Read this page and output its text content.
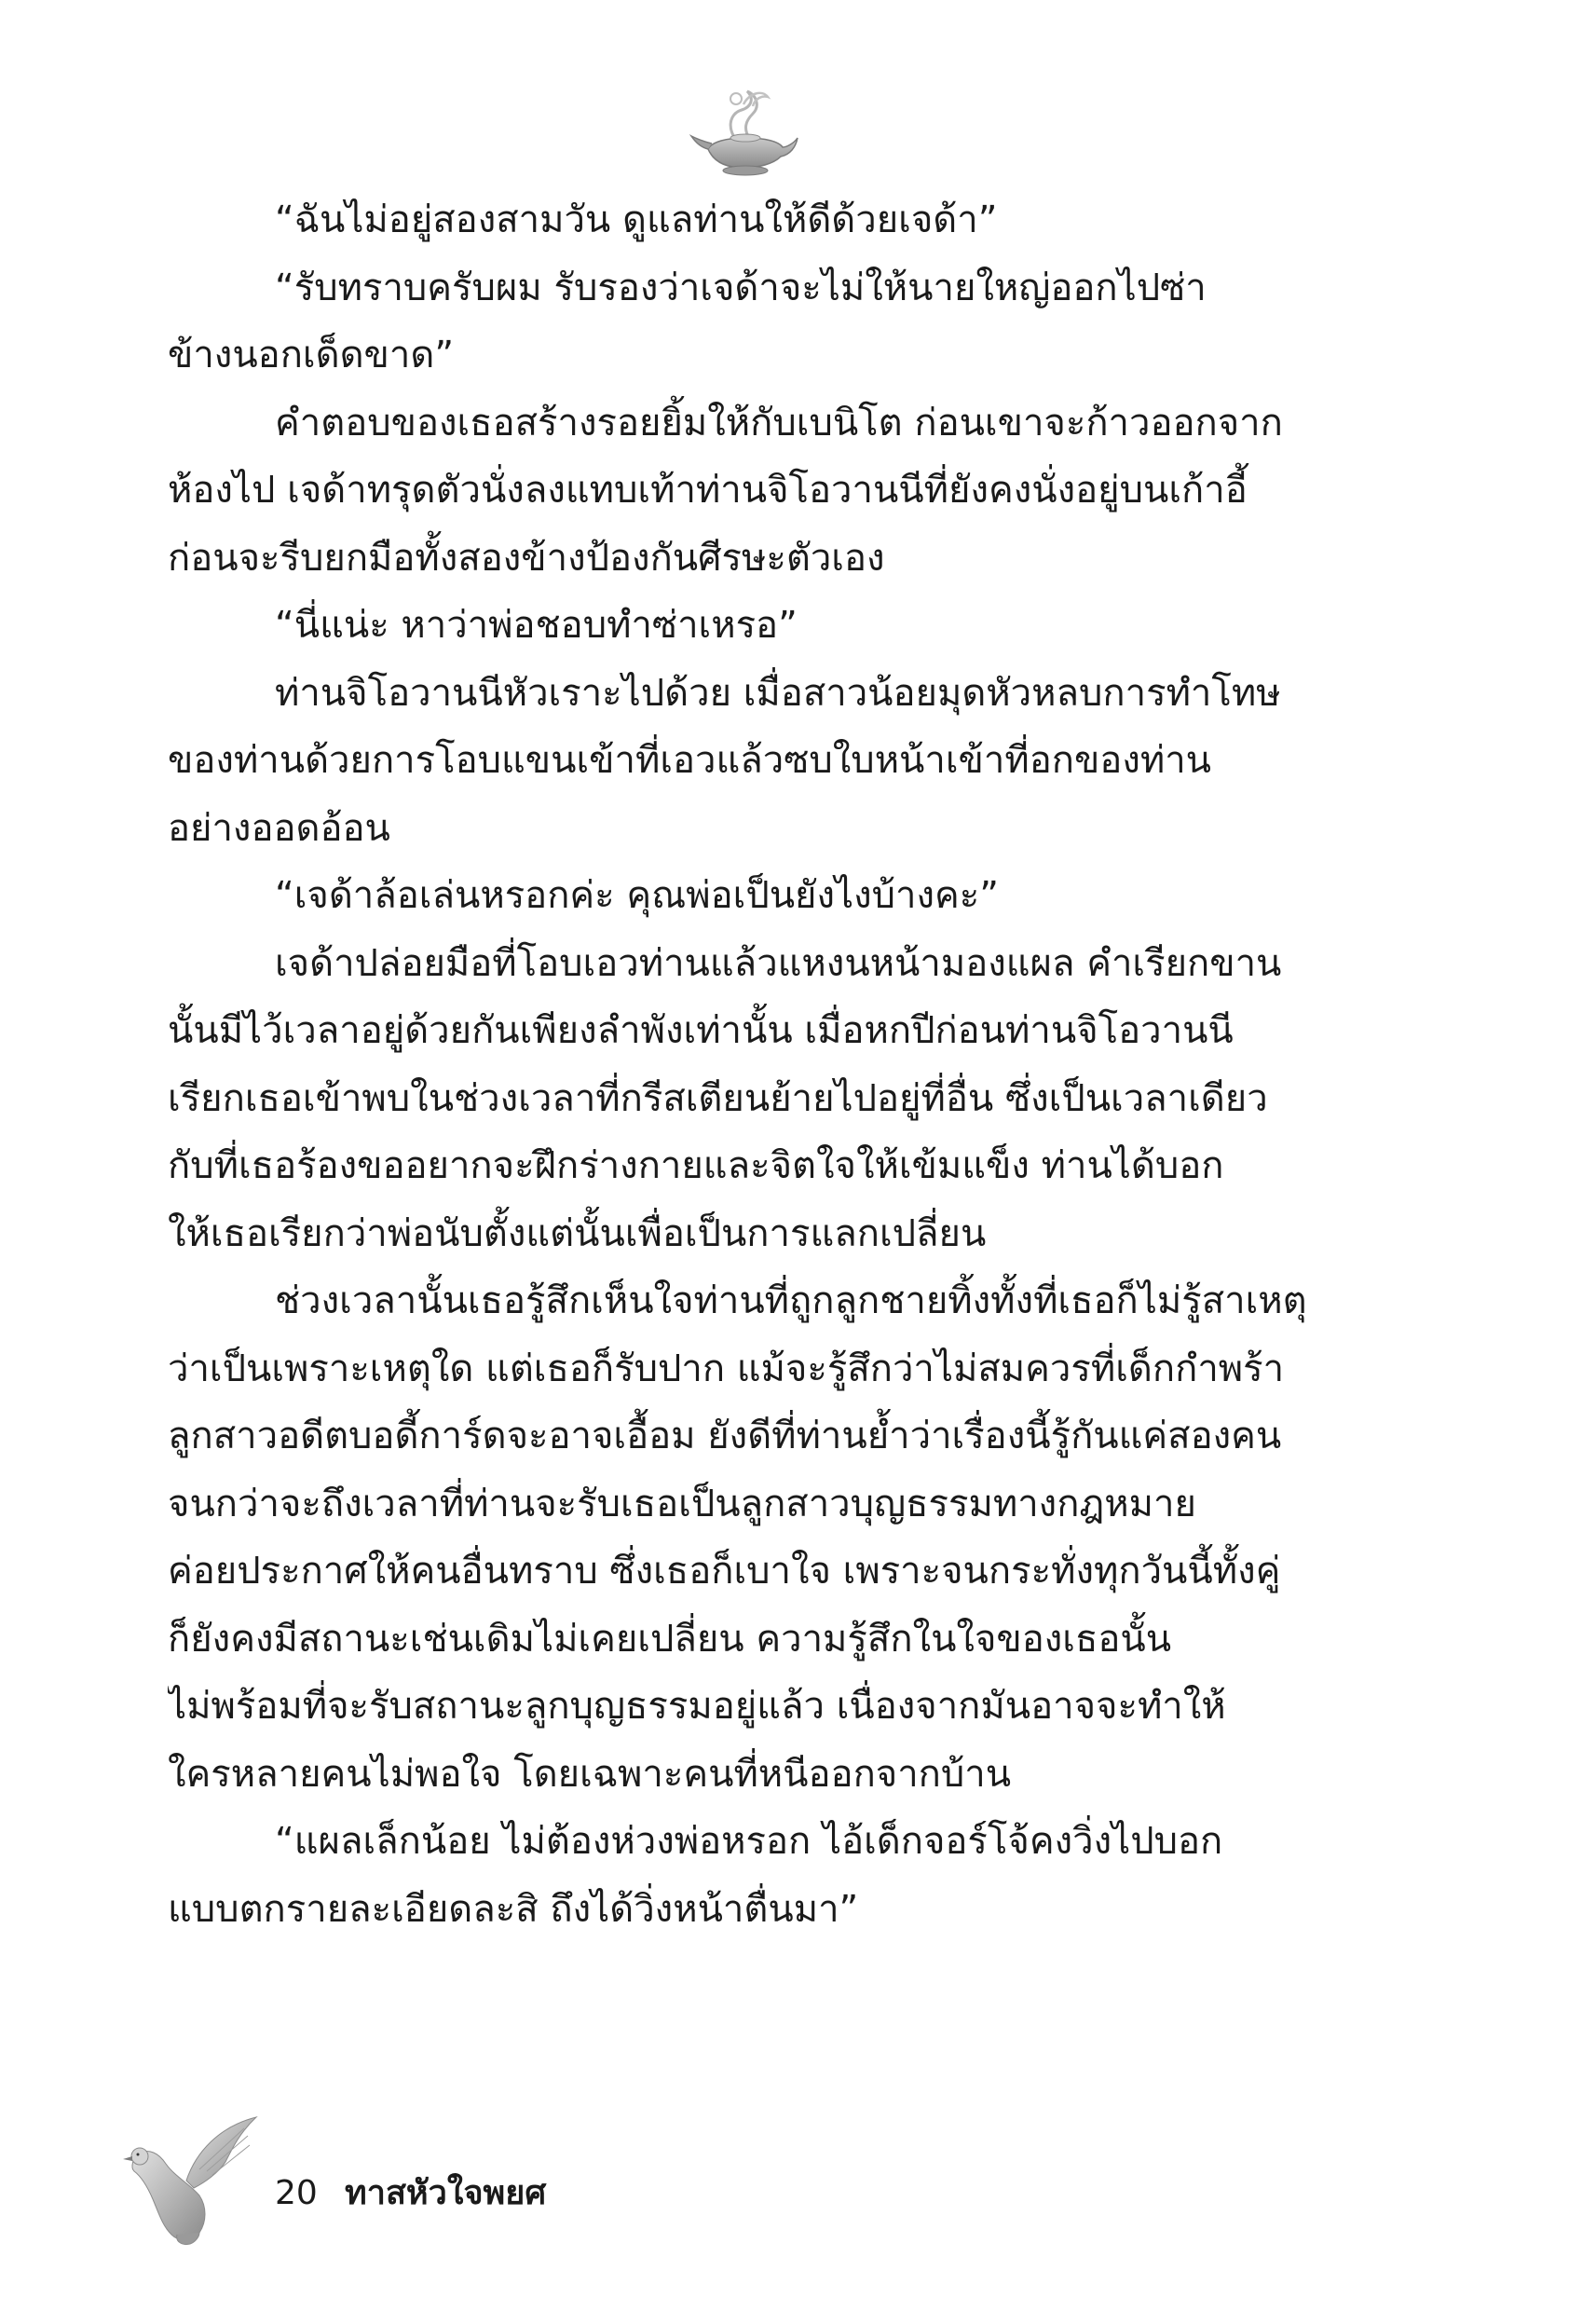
“ฉันไม่อยู่สองสามวัน ดูแลท่านให้ดีด้วยเจด้า”
“รับทราบครับผม รับรองว่าเจด้าจะไม่ให้นายใหญ่ออกไปซ่า
ข้างนอกเด็ดขาด”
คำตอบของเธอสร้างรอยยิ้มให้กับเบนิโต ก่อนเขาจะก้าวออกจาก
ห้องไป เจด้าทรุดตัวนั่งลงแทบเท้าท่านจิโอวานนีที่ยังคงนั่งอยู่บนเก้าอี้
ก่อนจะรีบยกมือทั้งสองข้างป้องกันศีรษะตัวเอง
“นี่แน่ะ หาว่าพ่อชอบทำซ่าเหรอ”
ท่านจิโอวานนีหัวเราะไปด้วย เมื่อสาวน้อยมุดหัวหลบการทำโทษ
ของท่านด้วยการโอบแขนเข้าที่เอวแล้วซบใบหน้าเข้าที่อกของท่าน
อย่างออดอ้อน
“เจด้าล้อเล่นหรอกค่ะ คุณพ่อเป็นยังไงบ้างคะ”
เจด้าปล่อยมือที่โอบเอวท่านแล้วแหงนหน้ามองแผล คำเรียกขาน
นั้นมีไว้เวลาอยู่ด้วยกันเพียงลำพังเท่านั้น เมื่อหกปีก่อนท่านจิโอวานนี
เรียกเธอเข้าพบในช่วงเวลาที่กรีสเตียนย้ายไปอยู่ที่อื่น ซึ่งเป็นเวลาเดียว
กับที่เธอร้องขออยากจะฝึกร่างกายและจิตใจให้เข้มแข็ง ท่านได้บอก
ให้เธอเรียกว่าพ่อนับตั้งแต่นั้นเพื่อเป็นการแลกเปลี่ยน
ช่วงเวลานั้นเธอรู้สึกเห็นใจท่านที่ถูกลูกชายทิ้งทั้งที่เธอก็ไม่รู้สาเหตุ
ว่าเป็นเพราะเหตุใด แต่เธอก็รับปาก แม้จะรู้สึกว่าไม่สมควรที่เด็กกำพร้า
ลูกสาวอดีตบอดี้การ์ดจะอาจเอื้อม ยังดีที่ท่านย้ำว่าเรื่องนี้รู้กันแค่สองคน
จนกว่าจะถึงเวลาที่ท่านจะรับเธอเป็นลูกสาวบุญธรรมทางกฎหมาย
ค่อยประกาศให้คนอื่นทราบ ซึ่งเธอก็เบาใจ เพราะจนกระทั่งทุกวันนี้ทั้งคู่
ก็ยังคงมีสถานะเช่นเดิมไม่เคยเปลี่ยน ความรู้สึกในใจของเธอนั้น
ไม่พร้อมที่จะรับสถานะลูกบุญธรรมอยู่แล้ว เนื่องจากมันอาจจะทำให้
ใครหลายคนไม่พอใจ โดยเฉพาะคนที่หนีออกจากบ้าน
“แผลเล็กน้อย ไม่ต้องห่วงพ่อหรอก ไอ้เด็กจอร์โจ้คงวิ่งไปบอก
แบบตกรายละเอียดละสิ ถึงได้วิ่งหน้าตื่นมา”
20 ทาสหัวใจพยศ
